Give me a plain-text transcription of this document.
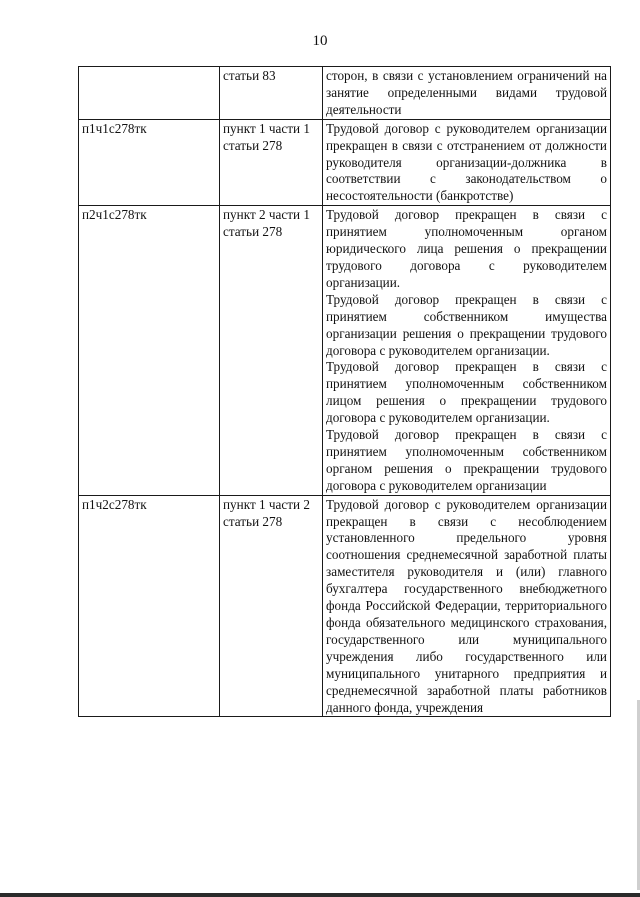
10
	статьи 83	сторон, в связи с установлением ограничений на занятие определенными видами трудовой деятельности

п1ч1с278тк	пункт 1 части 1 статьи 278	Трудовой договор с руководителем организации прекращен в связи с отстранением от должности руководителя организации-должника в соответствии с законодательством о несостоятельности (банкротстве)

п2ч1с278тк	пункт 2 части 1 статьи 278	Трудовой договор прекращен в связи с принятием уполномоченным органом юридического лица решения о прекращении трудового договора с руководителем организации.
Трудовой договор прекращен в связи с принятием собственником имущества организации решения о прекращении трудового договора с руководителем организации.
Трудовой договор прекращен в связи с принятием уполномоченным собственником лицом решения о прекращении трудового договора с руководителем организации.
Трудовой договор прекращен в связи с принятием уполномоченным собственником органом решения о прекращении трудового договора с руководителем организации

п1ч2с278тк	пункт 1 части 2 статьи 278	Трудовой договор с руководителем организации прекращен в связи с несоблюдением установленного предельного уровня соотношения среднемесячной заработной платы заместителя руководителя и (или) главного бухгалтера государственного внебюджетного фонда Российской Федерации, территориального фонда обязательного медицинского страхования, государственного или муниципального учреждения либо государственного или муниципального унитарного предприятия и среднемесячной заработной платы работников данного фонда, учреждения
